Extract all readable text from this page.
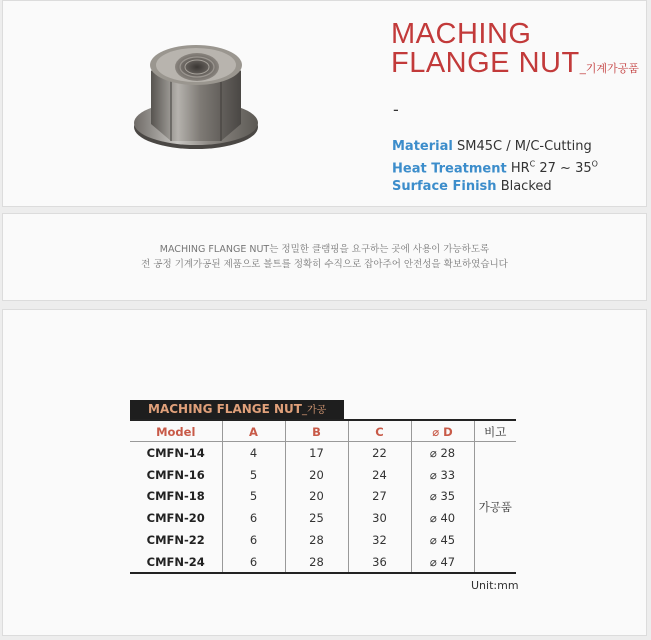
MACHING
FLANGE NUT_기계가공품
-
Material SM45C / M/C-Cutting
Heat Treatment $HR^C$ 27 ~ $35^O$
Surface Finish Blacked
MACHING FLANGE NUT는 정밀한 클램핑을 요구하는 곳에 사용이 가능하도록
전 공정 기계가공된 제품으로 볼트를 정확히 수직으로 잡아주어 안전성을 확보하였습니다
MACHING FLANGE NUT_가공
Model	A	B	C	⌀ D	비고
CMFN-14	4	17	22	⌀ 28	가공품
CMFN-16	5	20	24	⌀ 33	
CMFN-18	5	20	27	⌀ 35	
CMFN-20	6	25	30	⌀ 40	
CMFN-22	6	28	32	⌀ 45	
CMFN-24	6	28	36	⌀ 47	
Unit:mm
